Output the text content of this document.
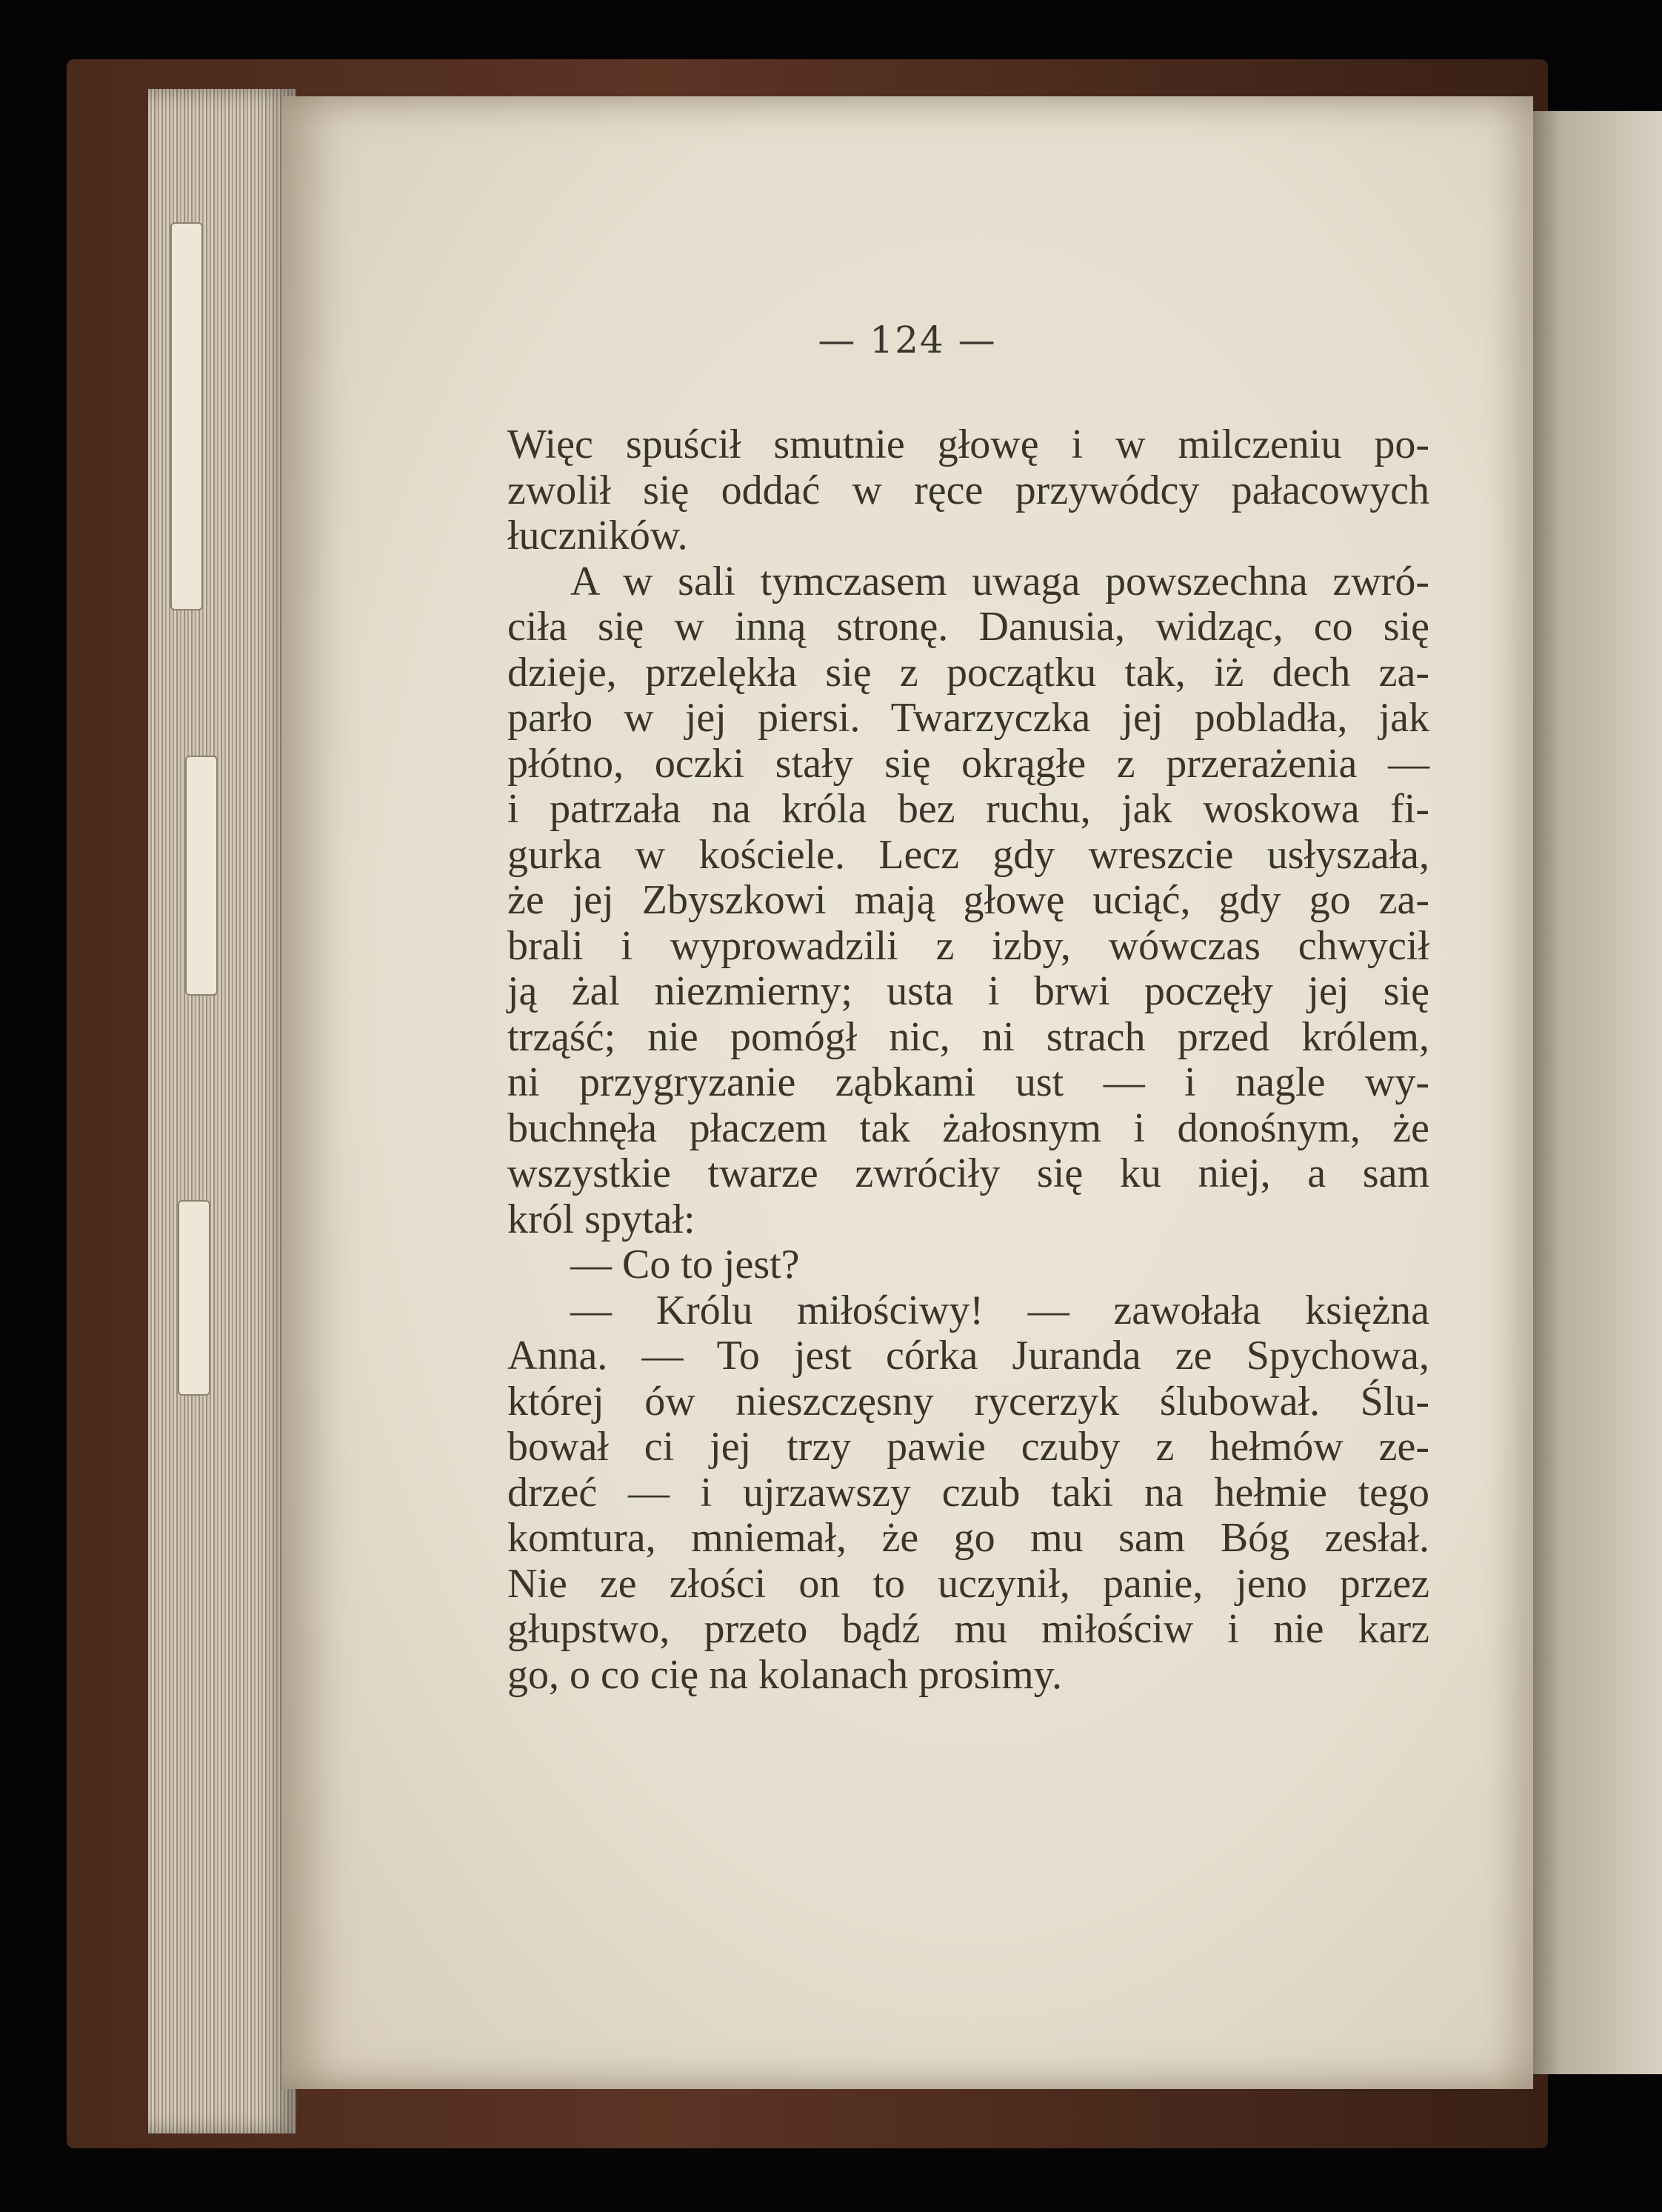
— 124 —
Więc spuścił smutnie głowę i w milczeniu po-
zwolił się oddać w ręce przywódcy pałacowych
łuczników.
A w sali tymczasem uwaga powszechna zwró-
ciła się w inną stronę. Danusia, widząc, co się
dzieje, przelękła się z początku tak, iż dech za-
parło w jej piersi. Twarzyczka jej pobladła, jak
płótno, oczki stały się okrągłe z przerażenia —
i patrzała na króla bez ruchu, jak woskowa fi-
gurka w kościele. Lecz gdy wreszcie usłyszała,
że jej Zbyszkowi mają głowę uciąć, gdy go za-
brali i wyprowadzili z izby, wówczas chwycił
ją żal niezmierny; usta i brwi poczęły jej się
trząść; nie pomógł nic, ni strach przed królem,
ni przygryzanie ząbkami ust — i nagle wy-
buchnęła płaczem tak żałosnym i donośnym, że
wszystkie twarze zwróciły się ku niej, a sam
król spytał:
— Co to jest?
— Królu miłościwy! — zawołała księżna
Anna. — To jest córka Juranda ze Spychowa,
której ów nieszczęsny rycerzyk ślubował. Ślu-
bował ci jej trzy pawie czuby z hełmów ze-
drzeć — i ujrzawszy czub taki na hełmie tego
komtura, mniemał, że go mu sam Bóg zesłał.
Nie ze złości on to uczynił, panie, jeno przez
głupstwo, przeto bądź mu miłościw i nie karz
go, o co cię na kolanach prosimy.
